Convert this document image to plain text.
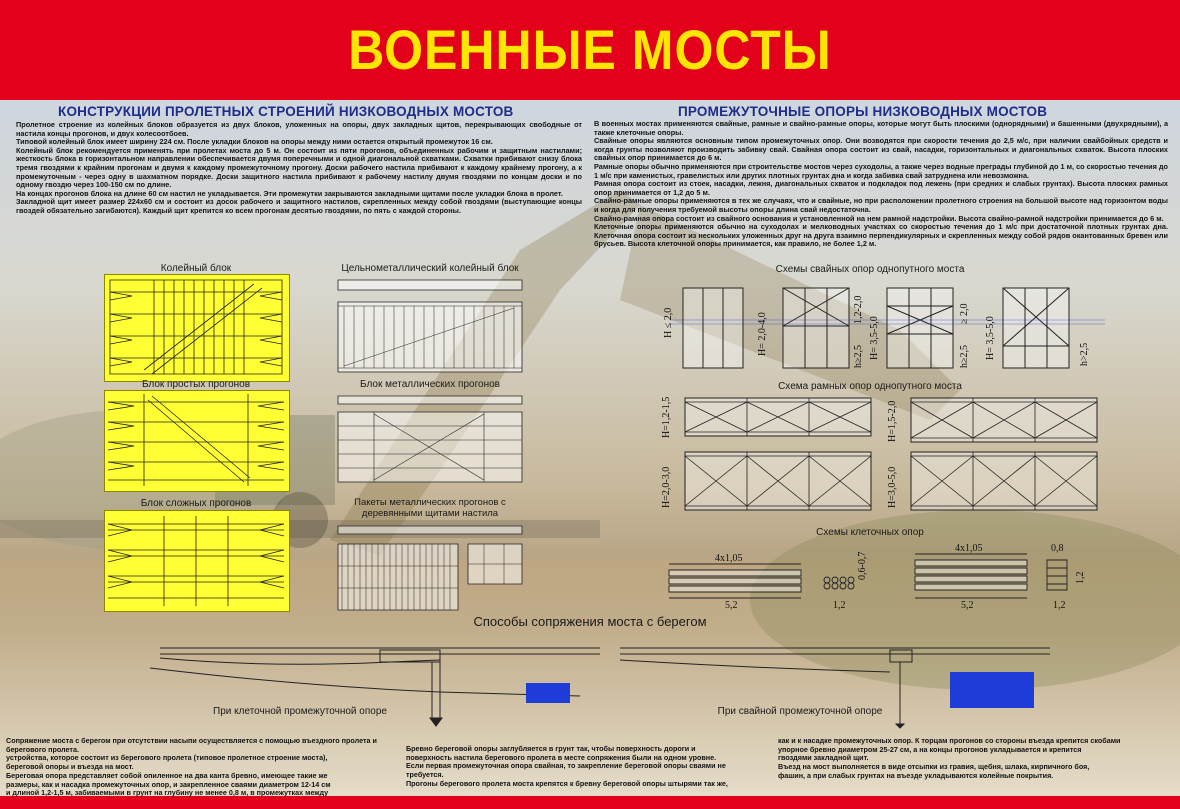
ВОЕННЫЕ МОСТЫ
КОНСТРУКЦИИ ПРОЛЕТНЫХ СТРОЕНИЙ НИЗКОВОДНЫХ МОСТОВ

Пролетное строение из колейных блоков образуется из двух блоков, уложенных на опоры, двух закладных щитов, перекрывающих свободные от настила концы прогонов, и двух колесоотбоев.

Типовой колейный блок имеет ширину 224 см. После укладки блоков на опоры между ними остается открытый промежуток 16 см.

Колейный блок рекомендуется применять при пролетах моста до 5 м. Он состоит из пяти прогонов, объединенных рабочим и защитным настилами; жесткость блока в горизонтальном направлении обеспечивается двумя поперечными и одной диагональной схватками. Схватки прибивают снизу блока тремя гвоздями к крайним прогонам и двумя к каждому промежуточному прогону. Доски рабочего настила прибивают к каждому крайнему прогону, а к промежуточным - через одну в шахматном порядке. Доски защитного настила прибивают к рабочему настилу двумя гвоздями по концам доски и по одному гвоздю через 100-150 см по длине.

На концах прогонов блока на длине 60 см настил не укладывается. Эти промежутки закрываются закладными щитами после укладки блока в пролет.

Закладной щит имеет размер 224х60 см и состоит из досок рабочего и защитного настилов, скрепленных между собой гвоздями (выступающие концы гвоздей обязательно загибаются). Каждый щит крепится ко всем прогонам десятью гвоздями, по пять с каждой стороны.

Колейный блок
Блок простых прогонов
Блок сложных прогонов
Цельнометаллический колейный блок
Блок металлических прогонов
Пакеты металлических прогонов с
деревянными щитами настила
ПРОМЕЖУТОЧНЫЕ ОПОРЫ НИЗКОВОДНЫХ МОСТОВ

В военных мостах применяются свайные, рамные и свайно-рамные опоры, которые могут быть плоскими (однорядными) и башенными (двухрядными), а также клеточные опоры.

Свайные опоры являются основным типом промежуточных опор. Они возводятся при скорости течения до 2,5 м/с, при наличии свайбойных средств и когда грунты позволяют производить забивку свай. Свайная опора состоит из свай, насадки, горизонтальных и диагональных схваток. Высота плоских свайных опор принимается до 6 м.

Рамные опоры обычно применяются при строительстве мостов через суходолы, а также через водные преграды глубиной до 1 м, со скоростью течения до 1 м/с при каменистых, гравелистых или других плотных грунтах дна и когда забивка свай затруднена или невозможна.

Рамная опора состоит из стоек, насадки, лежня, диагональных схваток и подкладок под лежень (при средних и слабых грунтах). Высота плоских рамных опор принимается от 1,2 до 5 м.

Свайно-рамные опоры применяются в тех же случаях, что и свайные, но при расположении пролетного строения на большой высоте над горизонтом воды и когда для получения требуемой высоты опоры длина свай недостаточна.

Свайно-рамная опора состоит из свайного основания и установленной на нем рамной надстройки. Высота свайно-рамной надстройки принимается до 6 м.

Клеточные опоры применяются обычно на суходолах и мелководных участках со скоростью течения до 1 м/с при достаточной плотных грунтах дна. Клеточная опора состоит из нескольких уложенных друг на друга взаимно перпендикулярных и скрепленных между собой рядов окантованных бревен или брусьев. Высота клеточной опоры принимается, как правило, не более 1,2 м.

Схемы свайных опор однопутного моста
H ≤ 2,0	H= 2,0-4,0
1,2-2,0
h≥2,5 H= 3,5-5,0	h≥2,5
≥ 2,0
H= 3,5-5,0	h>2,5
Схема рамных опор однопутного моста
H=1,2-1,5
H=2,0-3,0
H=1,5-2,0
H=3,0-5,0
Схемы клеточных опор
4х1,05
5,2
0,6-0,7
1,2
4х1,05
5,2
0,8
1,2
1,2
Способы сопряжения моста с берегом
При клеточной промежуточной опоре	При свайной промежуточной опоре
Сопряжение моста с берегом при отсутствии насыпи осуществляется с помощью въездного пролета и берегового пролета.
устройства, которое состоит из берегового пролета (типовое пролетное строение моста),
береговой опоры и въезда на мост.
Береговая опора представляет собой опиленное на два канта бревно, имеющее такие же
размеры, как и насадка промежуточных опор, и закрепленное сваями диаметром 12-14 см
и длиной 1,2-1,5 м, забиваемыми в грунт на глубину не менее 0,8 м, в промежутках между
Бревно береговой опоры заглубляется в грунт так, чтобы поверхность дороги и
поверхность настила берегового пролета в месте сопряжения были на одном уровне.
Если первая промежуточная опора свайная, то закрепление береговой опоры сваями не
требуется.
Прогоны берегового пролета моста крепятся к бревну береговой опоры штырями так же,
как и к насадке промежуточных опор. К торцам прогонов со стороны въезда крепится скобами
упорное бревно диаметром 25-27 см, а на концы прогонов укладывается и крепится
гвоздями закладной щит.
Въезд на мост выполняется в виде отсыпки из гравия, щебня, шлака, кирпичного боя,
фашин, а при слабых грунтах на въезде укладываются колейные покрытия.
